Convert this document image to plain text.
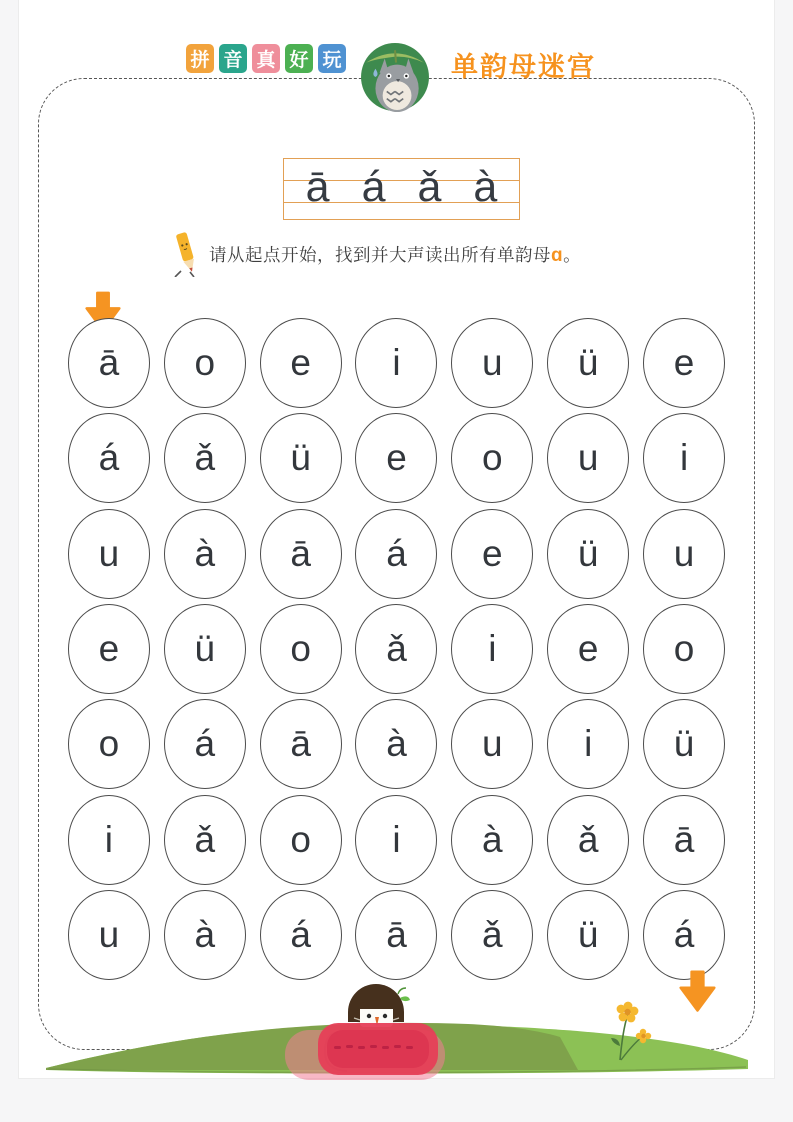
拼 音 真 好 玩	单韵母迷宫
ā á ǎ à
请从起点开始，找到并大声读出所有单韵母ɑ。
ā	o	e	i	u	ü	e
á	ǎ	ü	e	o	u	i
u	à	ā	á	e	ü	u
e	ü	o	ǎ	i	e	o
o	á	ā	à	u	i	ü
i	ǎ	o	i	à	ǎ	ā
u	à	á	ā	ǎ	ü	á
